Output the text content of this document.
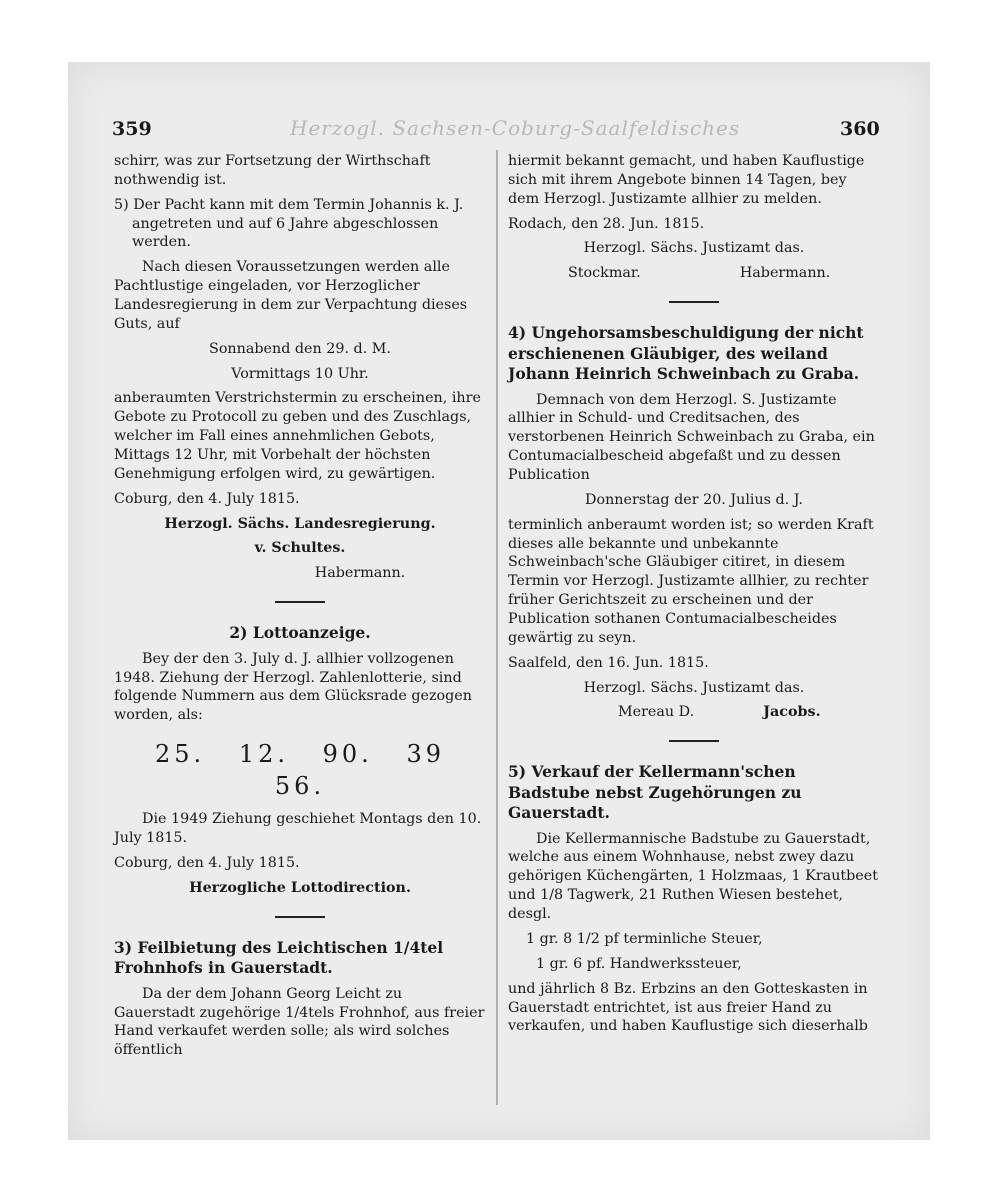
359	Herzogl. Sachsen-Coburg-Saalfeldisches	360

schirr, was zur Fortsetzung der Wirthschaft nothwendig ist.

5) Der Pacht kann mit dem Termin Johannis k. J. angetreten und auf 6 Jahre abgeschlossen werden.

Nach diesen Voraussetzungen werden alle Pachtlustige eingeladen, vor Herzoglicher Landesregierung in dem zur Verpachtung dieses Guts, auf

Sonnabend den 29. d. M.

Vormittags 10 Uhr.

anberaumten Verstrichstermin zu erscheinen, ihre Gebote zu Protocoll zu geben und des Zuschlags, welcher im Fall eines annehmlichen Gebots, Mittags 12 Uhr, mit Vorbehalt der höchsten Genehmigung erfolgen wird, zu gewärtigen.

Coburg, den 4. July 1815.

Herzogl. Sächs. Landesregierung.

v. Schultes.

Habermann.

2) Lottoanzeige.

Bey der den 3. July d. J. allhier vollzogenen 1948. Ziehung der Herzogl. Zahlenlotterie, sind folgende Nummern aus dem Glücksrade gezogen worden, als:

25. 12. 90. 39 56.

Die 1949 Ziehung geschiehet Montags den 10. July 1815.

Coburg, den 4. July 1815.

Herzogliche Lottodirection.

3) Feilbietung des Leichtischen 1/4tel Frohnhofs in Gauerstadt.

Da der dem Johann Georg Leicht zu Gauerstadt zugehörige 1/4tels Frohnhof, aus freier Hand verkaufet werden solle; als wird solches öffentlich

hiermit bekannt gemacht, und haben Kauflustige sich mit ihrem Angebote binnen 14 Tagen, bey dem Herzogl. Justizamte allhier zu melden.

Rodach, den 28. Jun. 1815.

Herzogl. Sächs. Justizamt das.

Stockmar.	Habermann.

4) Ungehorsamsbeschuldigung der nicht erschienenen Gläubiger, des weiland Johann Heinrich Schweinbach zu Graba.

Demnach von dem Herzogl. S. Justizamte allhier in Schuld- und Creditsachen, des verstorbenen Heinrich Schweinbach zu Graba, ein Contumacialbescheid abgefaßt und zu dessen Publication

Donnerstag der 20. Julius d. J.

terminlich anberaumt worden ist; so werden Kraft dieses alle bekannte und unbekannte Schweinbach'sche Gläubiger citiret, in diesem Termin vor Herzogl. Justizamte allhier, zu rechter früher Gerichtszeit zu erscheinen und der Publication sothanen Contumacialbescheides gewärtig zu seyn.

Saalfeld, den 16. Jun. 1815.

Herzogl. Sächs. Justizamt das.

Mereau D.	Jacobs.

5) Verkauf der Kellermann'schen Badstube nebst Zugehörungen zu Gauerstadt.

Die Kellermannische Badstube zu Gauerstadt, welche aus einem Wohnhause, nebst zwey dazu gehörigen Küchengärten, 1 Holzmaas, 1 Krautbeet und 1/8 Tagwerk, 21 Ruthen Wiesen bestehet, desgl.

1 gr. 8 1/2 pf terminliche Steuer,

1 gr. 6 pf. Handwerkssteuer,

und jährlich 8 Bz. Erbzins an den Gotteskasten in Gauerstadt entrichtet, ist aus freier Hand zu verkaufen, und haben Kauflustige sich dieserhalb
